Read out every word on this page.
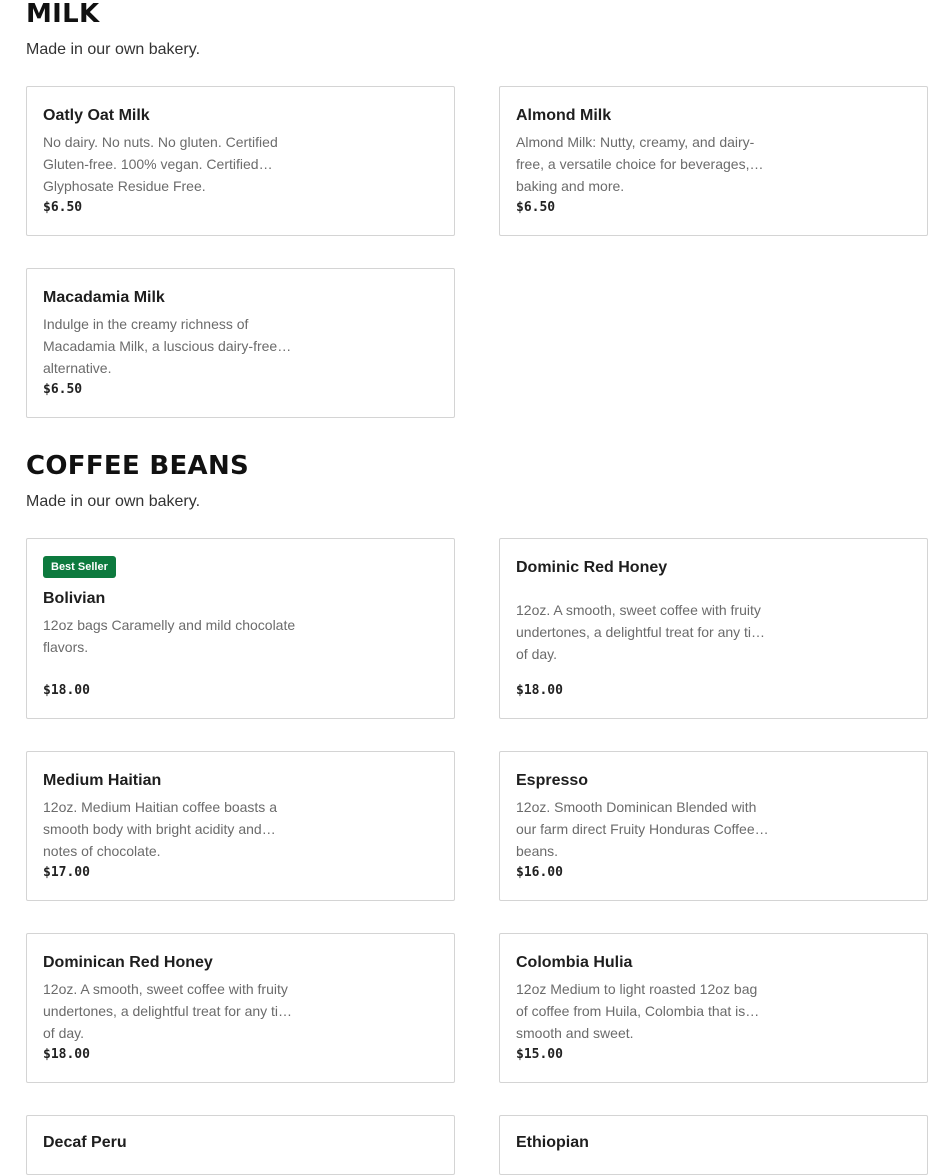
MILK

Made in our own bakery.

Oatly Oat Milk
No dairy. No nuts. No gluten. Certified Gluten-free. 100% vegan. Certified Glyphosate Residue Free.
$6.50
Almond Milk
Almond Milk: Nutty, creamy, and dairy-free, a versatile choice for beverages, baking and more.
$6.50
Macadamia Milk
Indulge in the creamy richness of Macadamia Milk, a luscious dairy-free alternative.
$6.50
COFFEE BEANS

Made in our own bakery.

Best Seller
Bolivian
12oz bags Caramelly and mild chocolate flavors.
$18.00
Dominic Red Honey
12oz. A smooth, sweet coffee with fruity undertones, a delightful treat for any time of day.
$18.00
Medium Haitian
12oz. Medium Haitian coffee boasts a smooth body with bright acidity and notes of chocolate.
$17.00
Espresso
12oz. Smooth Dominican Blended with our farm direct Fruity Honduras Coffee beans.
$16.00
Dominican Red Honey
12oz. A smooth, sweet coffee with fruity undertones, a delightful treat for any time of day.
$18.00
Colombia Hulia
12oz Medium to light roasted 12oz bag of coffee from Huila, Colombia that is smooth and sweet.
$15.00
Decaf Peru	Ethiopian
